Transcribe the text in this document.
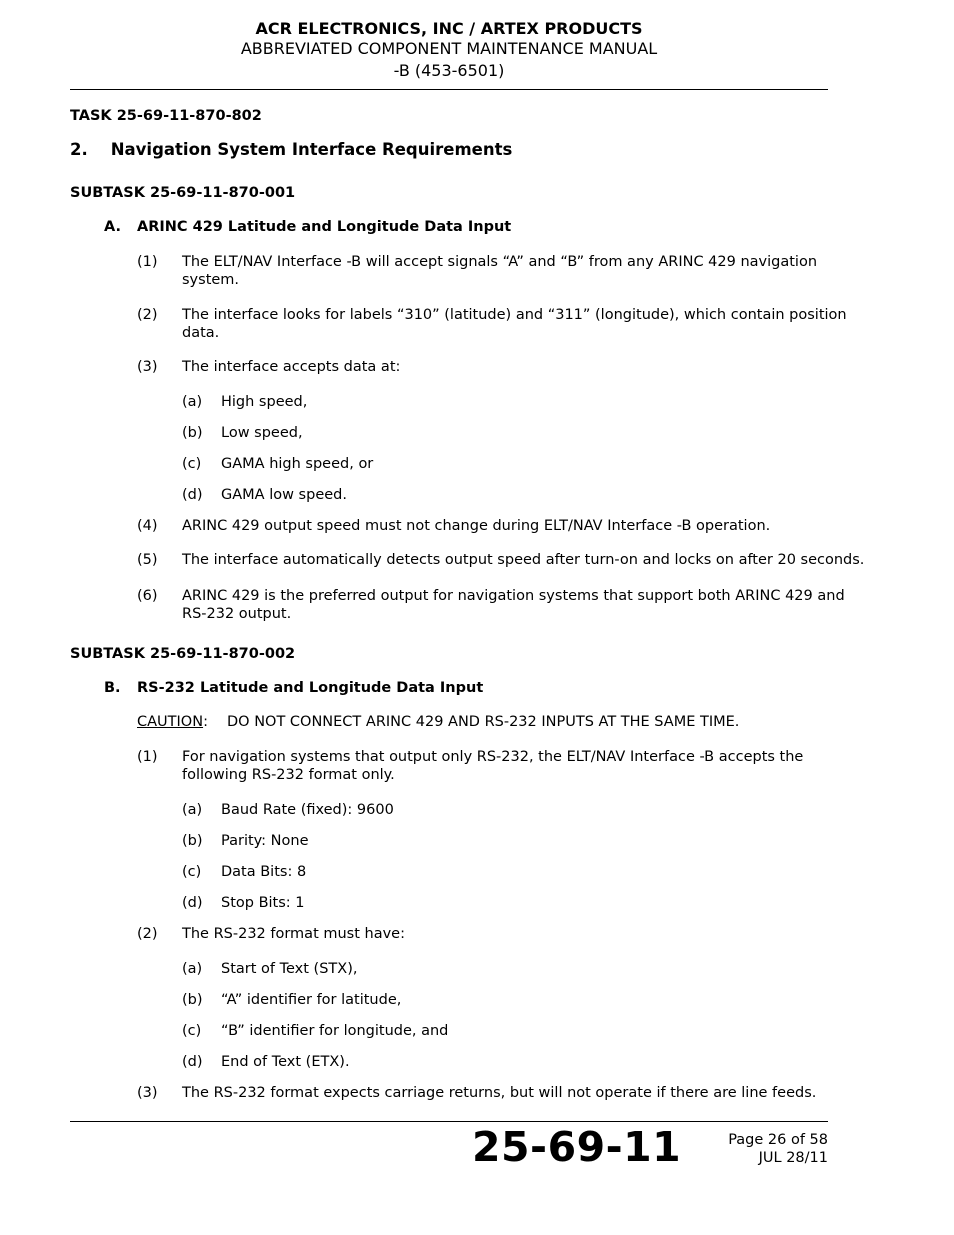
ACR ELECTRONICS, INC / ARTEX PRODUCTS
ABBREVIATED COMPONENT MAINTENANCE MANUAL
-B (453-6501)
TASK 25-69-11-870-802
2.    Navigation System Interface Requirements
SUBTASK 25-69-11-870-001
A. ARINC 429 Latitude and Longitude Data Input
(1) The ELT/NAV Interface -B will accept signals “A” and “B” from any ARINC 429 navigation
system.
(2) The interface looks for labels “310” (latitude) and “311” (longitude), which contain position
data.
(3) The interface accepts data at:
(a) High speed,
(b) Low speed,
(c) GAMA high speed, or
(d) GAMA low speed.
(4) ARINC 429 output speed must not change during ELT/NAV Interface -B operation.
(5) The interface automatically detects output speed after turn-on and locks on after 20 seconds.
(6) ARINC 429 is the preferred output for navigation systems that support both ARINC 429 and
RS-232 output.
SUBTASK 25-69-11-870-002
B. RS-232 Latitude and Longitude Data Input
CAUTION: DO NOT CONNECT ARINC 429 AND RS-232 INPUTS AT THE SAME TIME.
(1) For navigation systems that output only RS-232, the ELT/NAV Interface -B accepts the
following RS-232 format only.
(a) Baud Rate (fixed): 9600
(b) Parity: None
(c) Data Bits: 8
(d) Stop Bits: 1
(2) The RS-232 format must have:
(a) Start of Text (STX),
(b) “A” identifier for latitude,
(c) “B” identifier for longitude, and
(d) End of Text (ETX).
(3) The RS-232 format expects carriage returns, but will not operate if there are line feeds.
25-69-11	Page 26 of 58
JUL 28/11
